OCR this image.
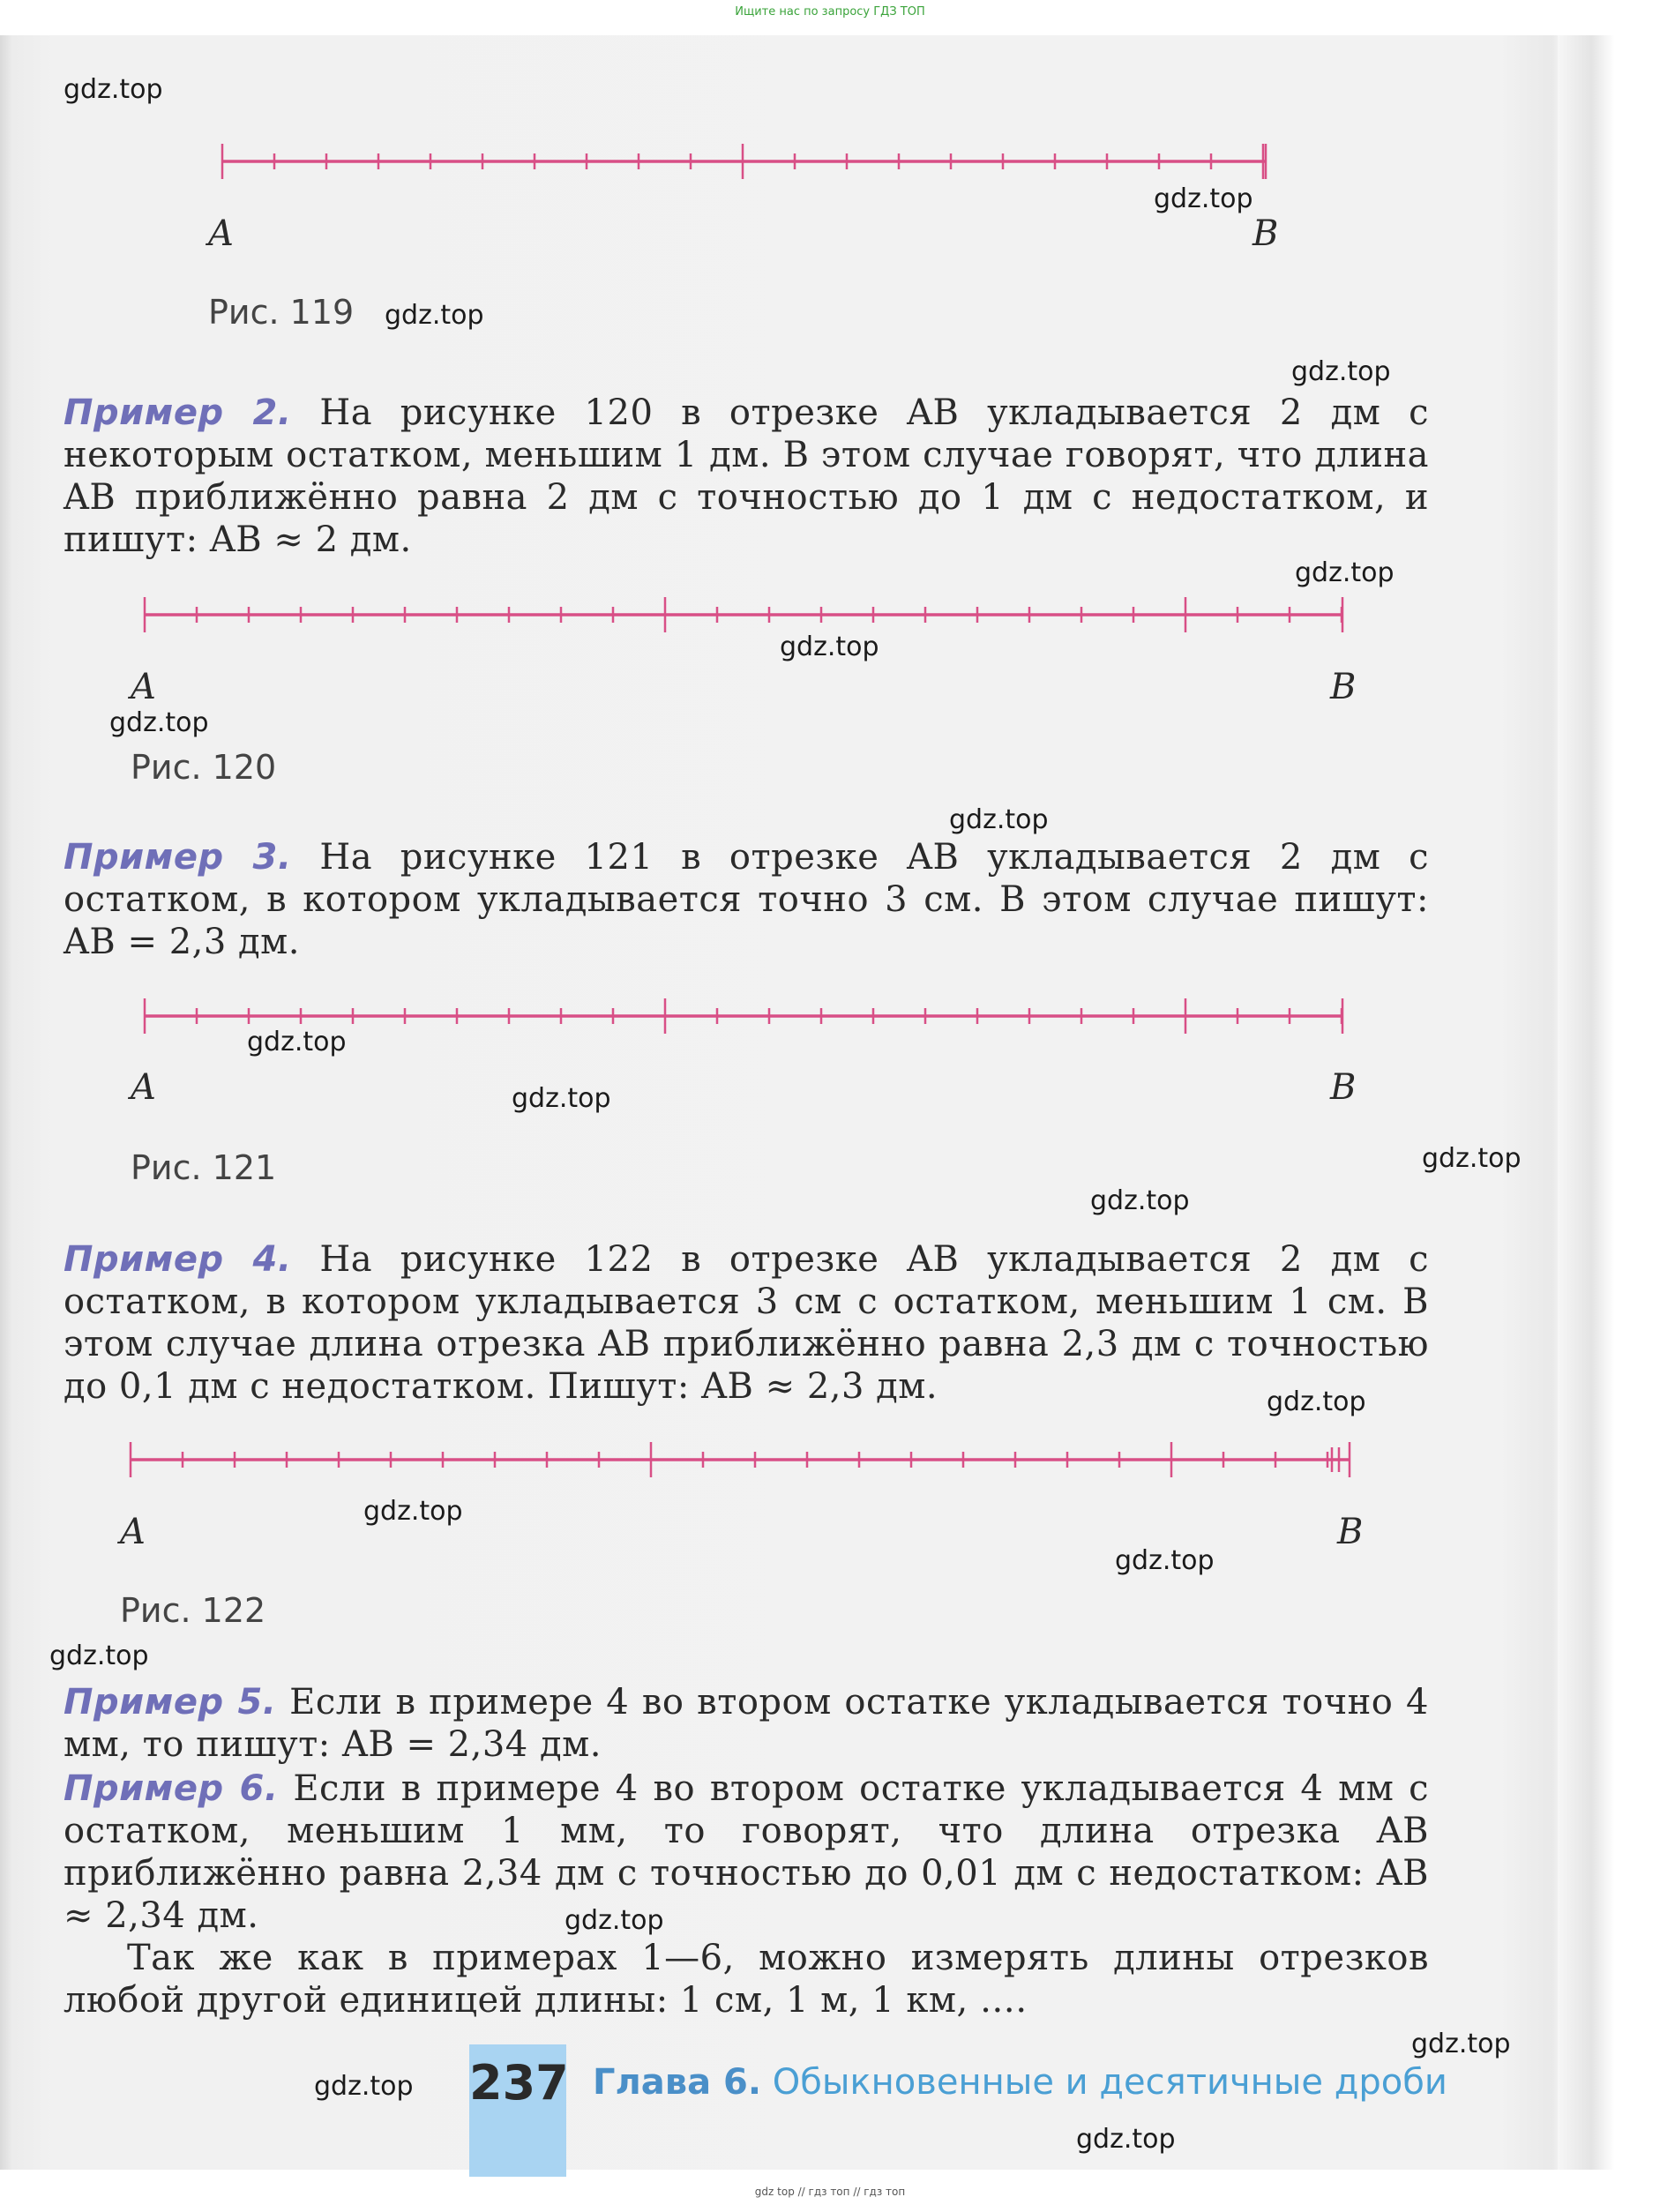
Ищите нас по запросу ГДЗ ТОП
gdz.top
gdz.top
gdz.top
gdz.top
gdz.top
gdz.top
gdz.top
gdz.top
gdz.top
gdz.top
gdz.top
gdz.top
gdz.top
gdz.top
gdz.top
gdz.top
gdz.top
gdz.top
gdz.top
gdz.top
A	B
Рис. 119
Пример 2. На рисунке 120 в отрезке AB укладывается 2 дм с некоторым остатком, меньшим 1 дм. В этом случае говорят, что длина AB приближённо равна 2 дм с точностью до 1 дм с недостатком, и пишут: AB ≈ 2 дм.
A	B
Рис. 120
Пример 3. На рисунке 121 в отрезке AB укладывается 2 дм с остатком, в котором укладывается точно 3 см. В этом случае пишут: AB = 2,3 дм.
A	B
Рис. 121
Пример 4. На рисунке 122 в отрезке AB укладывается 2 дм с остатком, в котором укладывается 3 см с остатком, меньшим 1 см. В этом случае длина отрезка AB приближённо равна 2,3 дм с точностью до 0,1 дм с недостатком. Пишут: AB ≈ 2,3 дм.
A	B
Рис. 122
Пример 5. Если в примере 4 во втором остатке укладывается точно 4 мм, то пишут: AB = 2,34 дм.
Пример 6. Если в примере 4 во втором остатке укладывается 4 мм с остатком, меньшим 1 мм, то говорят, что длина отрезка AB приближённо равна 2,34 дм с точностью до 0,01 дм с недостатком: AB ≈ 2,34 дм.
Так же как в примерах 1—6, можно измерять длины отрезков любой другой единицей длины: 1 см, 1 м, 1 км, ….
237 Глава 6. Обыкновенные и десятичные дроби
gdz top // гдз топ // гдз топ
